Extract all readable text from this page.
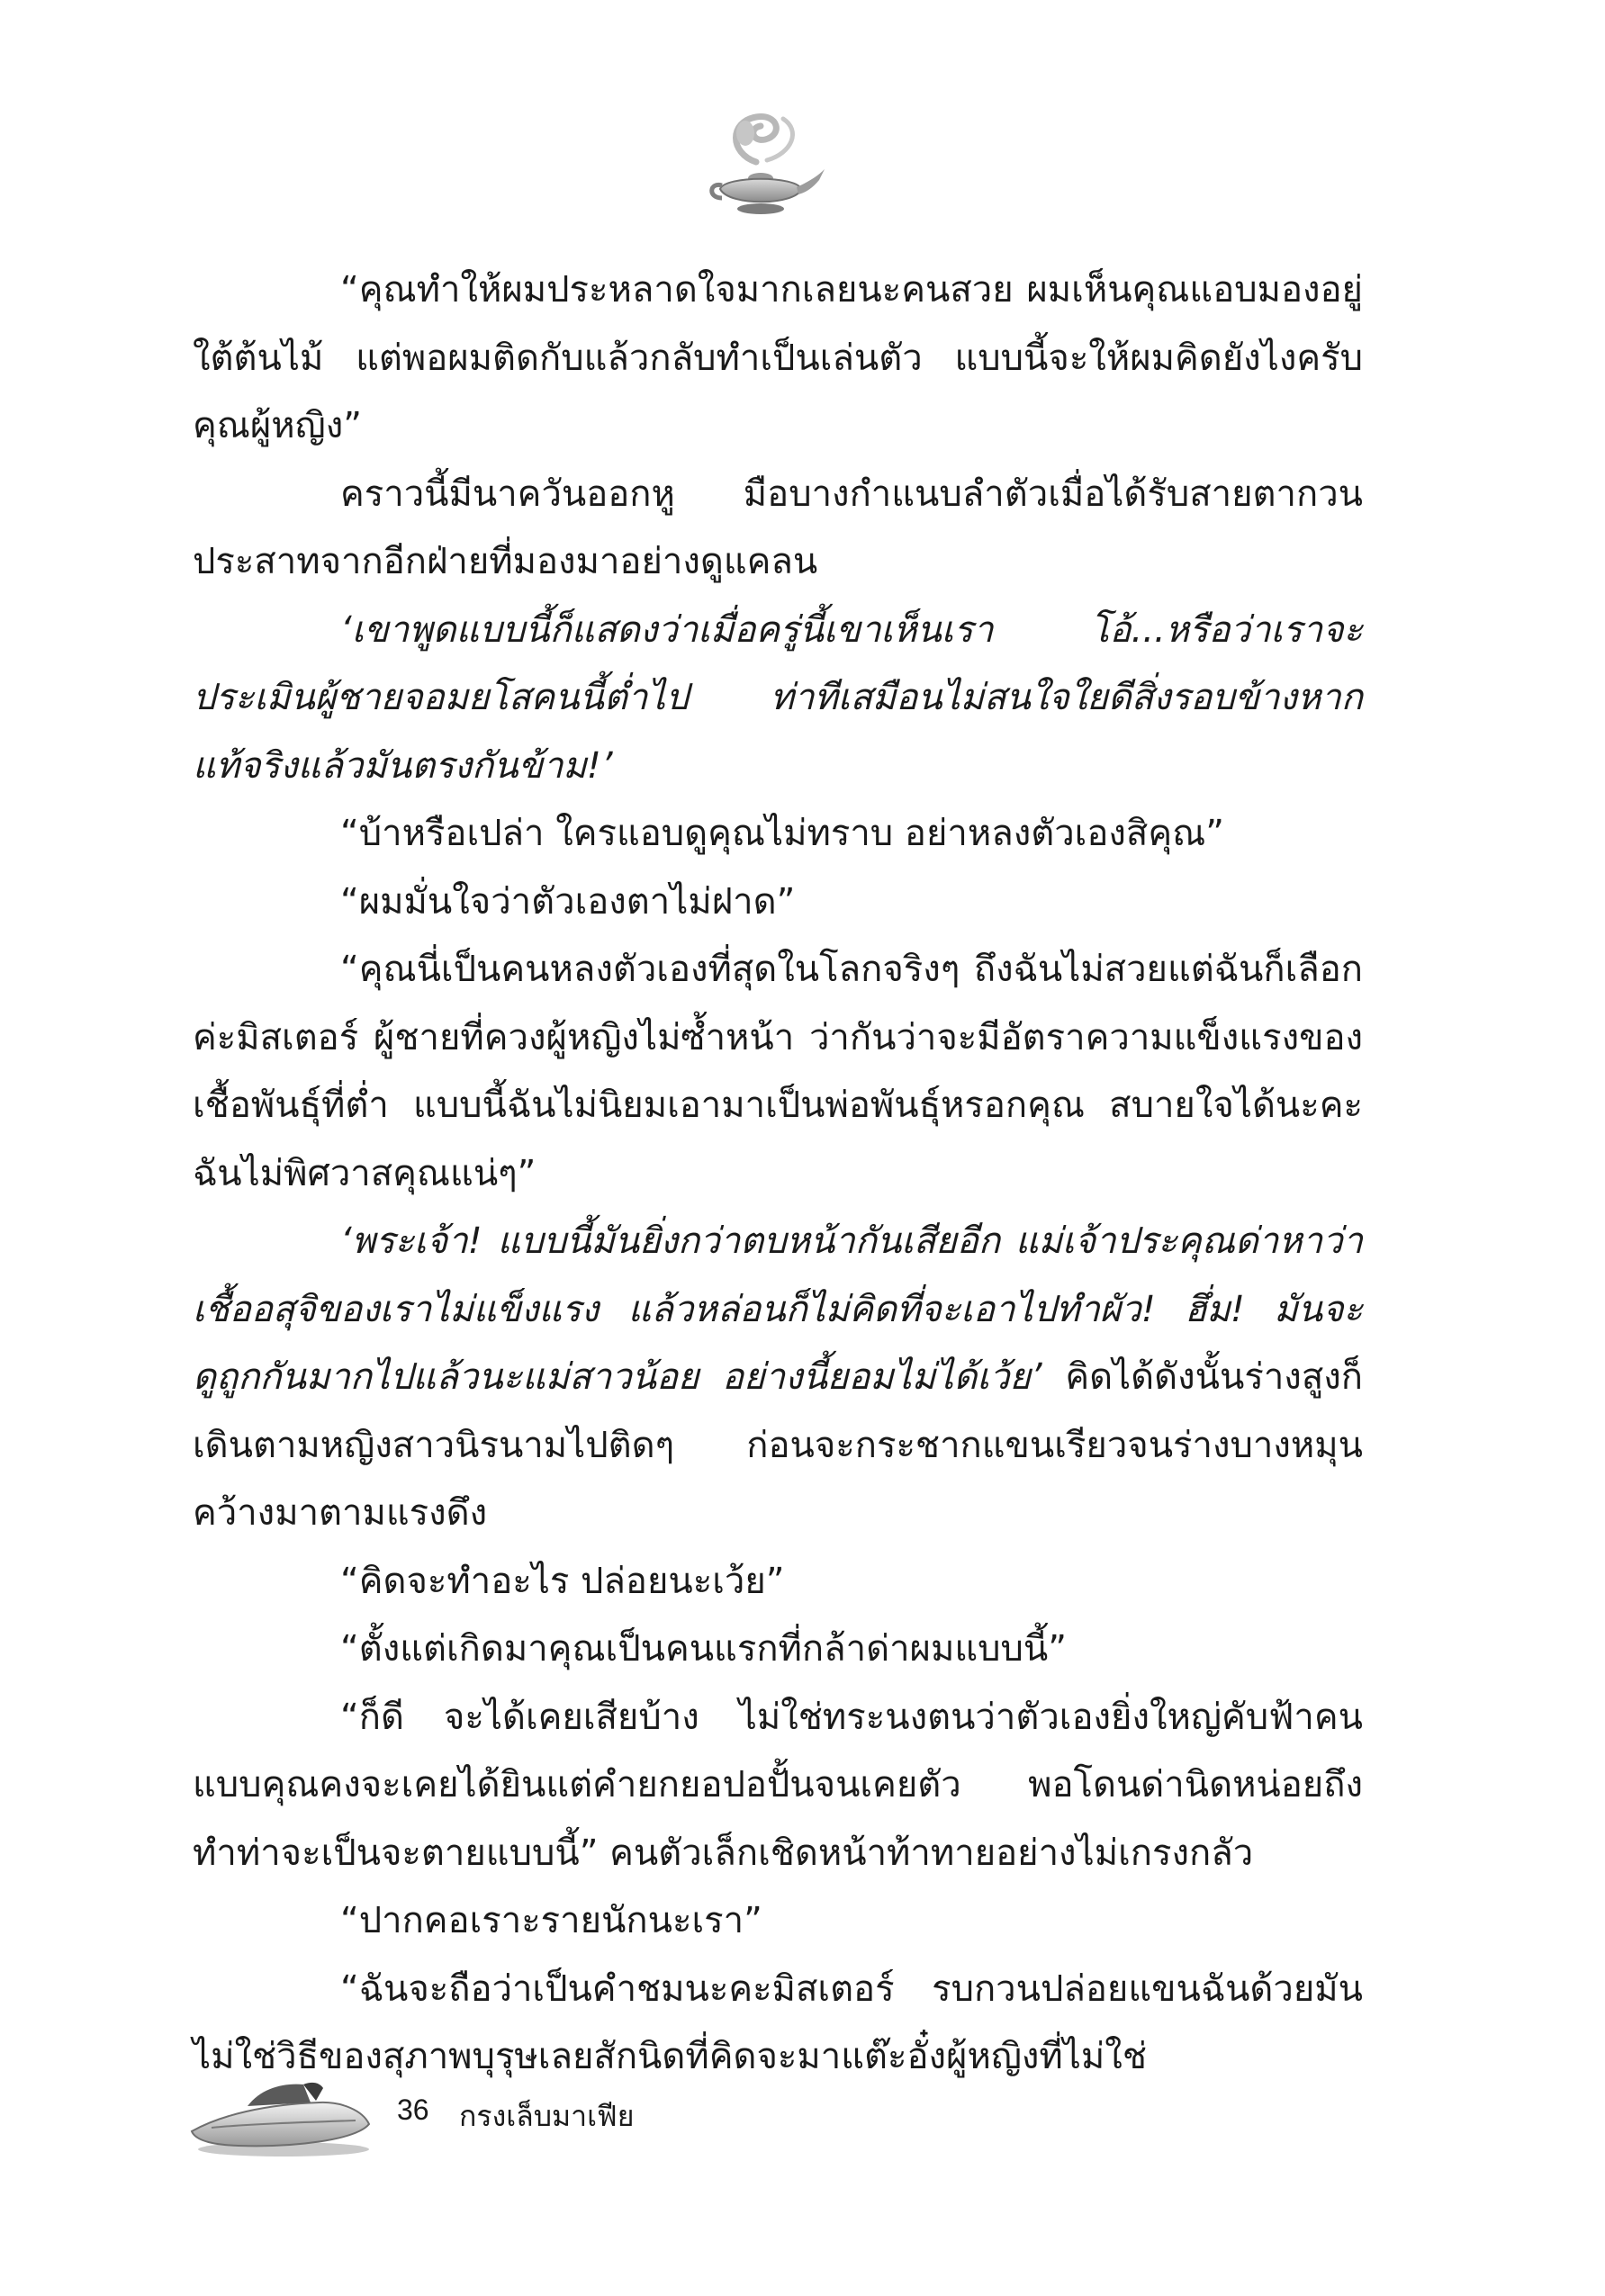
“คุณทำให้ผมประหลาดใจมากเลยนะคนสวย ผมเห็นคุณแอบมองอยู่ใต้ต้นไม้ แต่พอผมติดกับแล้วกลับทำเป็นเล่นตัว แบบนี้จะให้ผมคิดยังไงครับคุณผู้หญิง”

คราวนี้มีนาควันออกหู มือบางกำแนบลำตัวเมื่อได้รับสายตากวนประสาทจากอีกฝ่ายที่มองมาอย่างดูแคลน

‘เขาพูดแบบนี้ก็แสดงว่าเมื่อครู่นี้เขาเห็นเรา โอ้...หรือว่าเราจะประเมินผู้ชายจอมยโสคนนี้ต่ำไป ท่าทีเสมือนไม่สนใจใยดีสิ่งรอบข้างหากแท้จริงแล้วมันตรงกันข้าม!’

“บ้าหรือเปล่า ใครแอบดูคุณไม่ทราบ อย่าหลงตัวเองสิคุณ”

“ผมมั่นใจว่าตัวเองตาไม่ฝาด”

“คุณนี่เป็นคนหลงตัวเองที่สุดในโลกจริงๆ ถึงฉันไม่สวยแต่ฉันก็เลือกค่ะมิสเตอร์ ผู้ชายที่ควงผู้หญิงไม่ซ้ำหน้า ว่ากันว่าจะมีอัตราความแข็งแรงของเชื้อพันธุ์ที่ต่ำ แบบนี้ฉันไม่นิยมเอามาเป็นพ่อพันธุ์หรอกคุณ สบายใจได้นะคะ ฉันไม่พิศวาสคุณแน่ๆ”

‘พระเจ้า! แบบนี้มันยิ่งกว่าตบหน้ากันเสียอีก แม่เจ้าประคุณด่าหาว่าเชื้ออสุจิของเราไม่แข็งแรง แล้วหล่อนก็ไม่คิดที่จะเอาไปทำผัว! ฮึ่ม! มันจะดูถูกกันมากไปแล้วนะแม่สาวน้อย อย่างนี้ยอมไม่ได้เว้ย’ คิดได้ดังนั้นร่างสูงก็เดินตามหญิงสาวนิรนามไปติดๆ ก่อนจะกระชากแขนเรียวจนร่างบางหมุนคว้างมาตามแรงดึง

“คิดจะทำอะไร ปล่อยนะเว้ย”

“ตั้งแต่เกิดมาคุณเป็นคนแรกที่กล้าด่าผมแบบนี้”

“ก็ดี จะได้เคยเสียบ้าง ไม่ใช่ทระนงตนว่าตัวเองยิ่งใหญ่คับฟ้าคนแบบคุณคงจะเคยได้ยินแต่คำยกยอปอปั้นจนเคยตัว พอโดนด่านิดหน่อยถึงทำท่าจะเป็นจะตายแบบนี้” คนตัวเล็กเชิดหน้าท้าทายอย่างไม่เกรงกลัว

“ปากคอเราะรายนักนะเรา”

“ฉันจะถือว่าเป็นคำชมนะคะมิสเตอร์ รบกวนปล่อยแขนฉันด้วยมันไม่ใช่วิธีของสุภาพบุรุษเลยสักนิดที่คิดจะมาแต๊ะอั๋งผู้หญิงที่ไม่ใช่

36 กรงเล็บมาเฟีย
